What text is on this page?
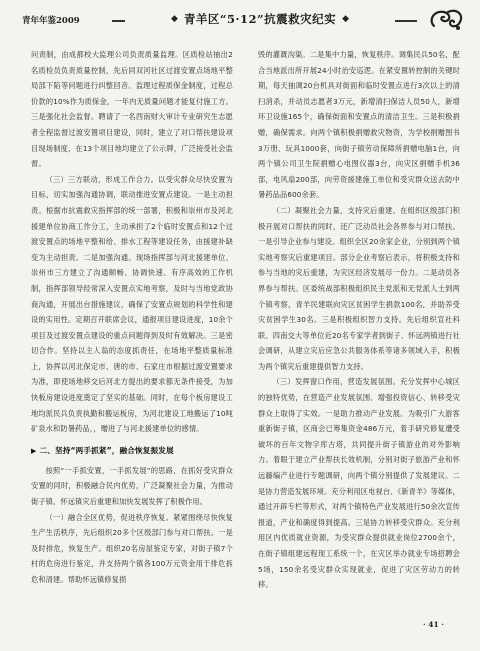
青年年鉴2009	◆ 青羊区“5·12”抗震救灾纪实 ◆

问责制，由成都校大监理公司负责质量监理。区质检站抽出2名质检员负责质量控制，先后同双河社区过渡安置点场地平整局部下陷等问题进行纠整回音。监理过程质保金制度，过程总价款的10%作为质保金，一年内无质量问题才能复付施工方。三是强化社会监督。聘请了一名西南财大审计专业研究生志愿者全程监督过渡安置项目建设，同时，建立了对口帮扶建设项目现场制度，在13个项目地均建立了公示牌，广泛接受社会监督。

（三）三方联动，形成工作合力。以受灾群众尽快安置为目标，切实加强沟通协调，联动推进安置点建设。一是主动担责。根据市抗震救灾指挥部的统一部署，积极和崇州市及河北援建单位协商工作分工，主动承担了2个临时安置点和12个过渡安置点的场地平整和给、排水工程等建设任务，由援建补缺变为主动担责。二是加强沟通。现场指挥部与河北援建单位、崇州市三方建立了沟通顺畅、协调快速、有序高效的工作机制，指挥部领导经常深入安置点实地考察，及时与当地党政协商沟通，开展出台措施建议，确保了安置点规划的科学性和建设的实用性。定期召开联席会议，通报项目建设进度，10余个项目及过渡安置点建设的重点问题得到及时有效解决。三是密切合作。坚持以主人翁的态度抓责任，在场地平整质量标准上，协挥以河北保定市、唐的市、石家庄市根据过渡安置要求为准，即使场地移交后河北方提出的要求都无条件接受，为加快板房建设进度奠定了坚实的基础。同时，在每个板房建设工地均派民兵负责执勤和搬运板房，为河北建设工地搬运了10吨矿泉水和防暑药品，，赠进了与河北援建单位的感情。

▶ 二、坚持“两手抓紧”，融合恢复振发展

按照“一手抓安置，一手抓发展”的思路，在抓好受灾群众安置的同时，积极融合民内优势，广泛凝聚社会力量，为推动街子镇、怀远镇灾后重建和加快发展发挥了积极作用。

（一）融合全区优势，促进秩序恢复。紧紧围绕尽快恢复生产生活秩序，先后组织20多个区级部门参与对口帮扶。一是及时排危，恢复生产。组织20名房屋鉴定专家，对街子镇7个村的危房进行鉴定，并支持两个镇各100万元资金用于排危拆危和清建。帮助怀远镇修复损

毁的灌溉沟渠。二是集中力量，恢复秩序。调集民兵50名，配合当地派出所开展24小时治安巡逻。在紧安置转控制的关键时期，每天抽调20台机具对街面和临时安置点进行3次以上的清扫消杀，并动员志愿者3万元，新增清扫保洁人员50人，新增环卫设施165个，确保街面和安置点的清洁卫生。三是积极捐赠，确保需求。向两个镇积极捐赠救灾物资，为学校捐赠图书3万册、玩具1000套，向街子镇劳动保障所捐赠电脑1台，向两个镇公司卫生院捐赠心电图仪器3台，向灾区捐赠手机36部，电风扇200部，向劳资援建施工单位和受灾群众送去防中暑药品品600余套。

（二）凝聚社会力量，支持灾后重建。在组织区级部门积极开展对口帮扶的同时，还广泛动员社会各界参与对口帮扶。一是引导企业参与建设。组织全区20余家企业，分别到两个镇实地考察灾后重建项目。部分企业考察后表示，将积极支持和参与当地的灾后重建，为灾区经济发展尽一份力。二是动员各界参与帮扶。区委统战部积极组织民主党派和无党派人士到两个镇考察，青羊民建联向灾区贫困学生捐款100名，并助养受灾贫困学生30名。三是积极组织智力支持。先后组织宣社科联、四南交大等单位近20名专家学者到街子、怀远两镇进行社会调研，从建立灾后应急公共服务体系等诸多领域入手，积极为两个镇灾后重建提供智力支持。

（三）发挥窗口作用，营造发展氛围。充分发挥中心城区的独特优势，在营造产业发展氛围、增强投资信心、转移受灾群众上取得了实效。一是助力推动产业发展。为吸引广大游客重新街子镇，区商会已筹集资金486万元，着手研究修复遭受破坏的百年文物字库古塔，共同提升街子镇游业的对外影响力。着眼于建立产业帮扶长效机制，分别对街子旅游产业和怀远藤编产业进行专题调研，向两个镇分别提供了发展建议。二是协力营造发展环境。充分利用区电视台、《新青羊》等媒体，通过开辟专栏等形式，对两个镇特色产业发展进行50余次宣传报道，产业和确度得到提高。三是协力转移受灾群众。充分利用区内优质就业资源，为受灾群众提供就业岗位2700余个，在街子镇组建远程现工系统一个，在灾区举办就业专场招聘会5场，150余名受灾群众实现就业，促进了灾区劳动力的转移。

· 41 ·
